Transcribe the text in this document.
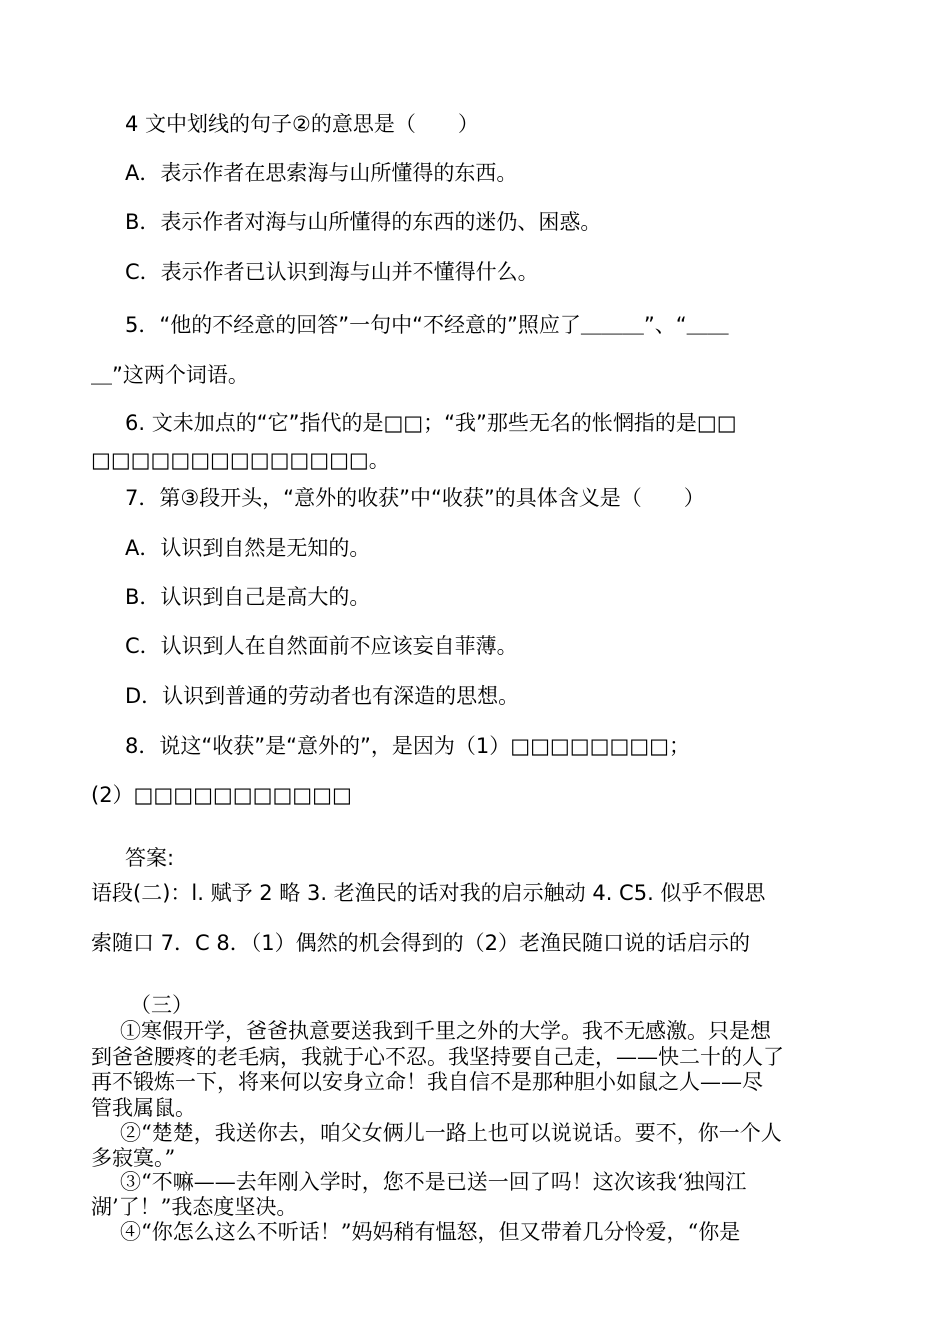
4 文中划线的句子②的意思是（　　）
A．表示作者在思索海与山所懂得的东西。
B．表示作者对海与山所懂得的东西的迷仍、困惑。
C．表示作者已认识到海与山并不懂得什么。
5．“他的不经意的回答”一句中“不经意的”照应了＿＿＿”、“＿＿
＿”这两个词语。
6. 文未加点的“它”指代的是□□；“我”那些无名的怅惘指的是□□
□□□□□□□□□□□□□□。
7．第③段开头，“意外的收获”中“收获”的具体含义是（　　）
A．认识到自然是无知的。
B．认识到自己是高大的。
C．认识到人在自然面前不应该妄自菲薄。
D．认识到普通的劳动者也有深造的思想。
8．说这“收获”是“意外的”，是因为（1）□□□□□□□□；
(2）□□□□□□□□□□□
答案:
语段(二)：l. 赋予 2 略 3. 老渔民的话对我的启示触动 4. C5. 似乎不假思
索随口 7．C 8．（1）偶然的机会得到的（2）老渔民随口说的话启示的
（三）
①寒假开学，爸爸执意要送我到千里之外的大学。我不无感激。只是想
到爸爸腰疼的老毛病，我就于心不忍。我坚持要自己走，——快二十的人了
再不锻炼一下，将来何以安身立命！我自信不是那种胆小如鼠之人——尽
管我属鼠。
②“楚楚，我送你去，咱父女俩儿一路上也可以说说话。要不，你一个人
多寂寞。”
③“不嘛——去年刚入学时，您不是已送一回了吗！这次该我‘独闯江
湖’了！”我态度坚决。
④“你怎么这么不听话！”妈妈稍有愠怒，但又带着几分怜爱，“你是
